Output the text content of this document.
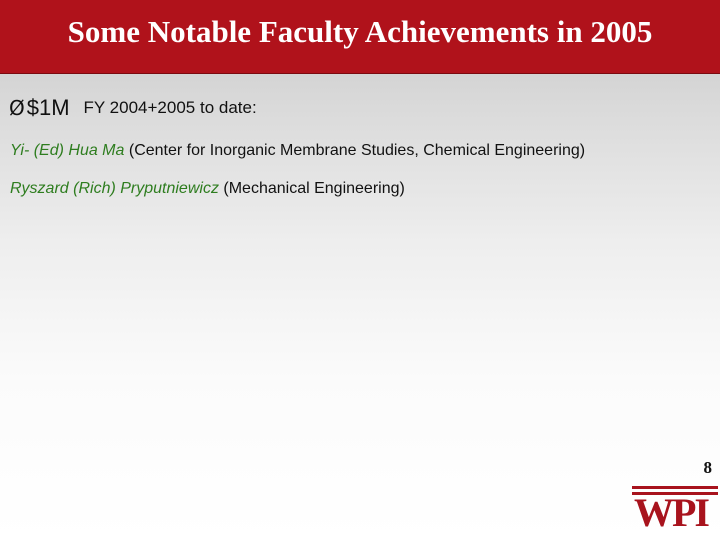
Some Notable Faculty Achievements in 2005
Ø$1M FY 2004+2005 to date:
Yi- (Ed) Hua Ma (Center for Inorganic Membrane Studies, Chemical Engineering)
Ryszard (Rich) Pryputniewicz (Mechanical Engineering)
8
WPI
